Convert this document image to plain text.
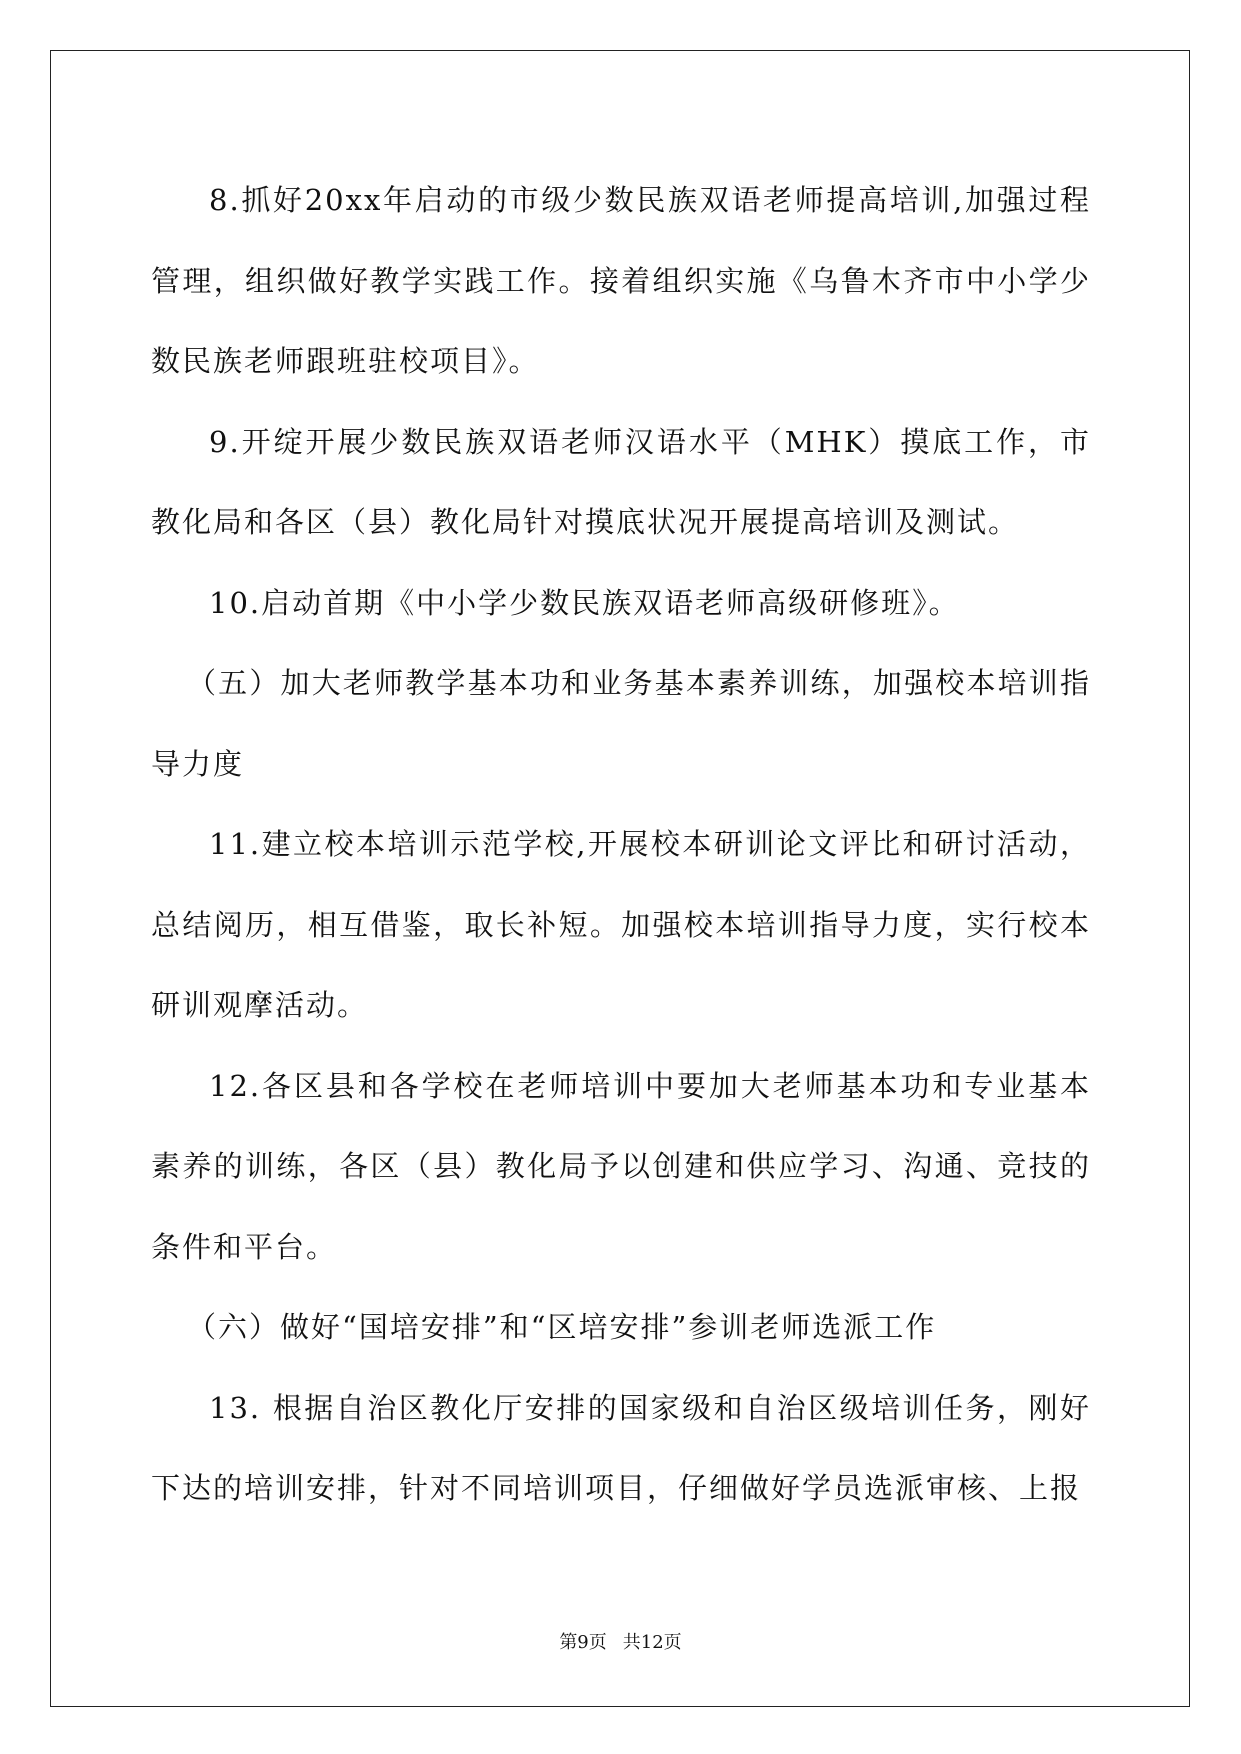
8.抓好20xx年启动的市级少数民族双语老师提高培训,加强过程管理，组织做好教学实践工作。接着组织实施《乌鲁木齐市中小学少数民族老师跟班驻校项目》。

9.开绽开展少数民族双语老师汉语水平（MHK）摸底工作，市教化局和各区（县）教化局针对摸底状况开展提高培训及测试。

10.启动首期《中小学少数民族双语老师高级研修班》。

（五）加大老师教学基本功和业务基本素养训练，加强校本培训指导力度

11.建立校本培训示范学校,开展校本研训论文评比和研讨活动，总结阅历，相互借鉴，取长补短。加强校本培训指导力度，实行校本研训观摩活动。

12.各区县和各学校在老师培训中要加大老师基本功和专业基本素养的训练，各区（县）教化局予以创建和供应学习、沟通、竞技的条件和平台。

（六）做好“国培安排”和“区培安排”参训老师选派工作

13. 根据自治区教化厅安排的国家级和自治区级培训任务，刚好下达的培训安排，针对不同培训项目，仔细做好学员选派审核、上报

第9页 共12页
